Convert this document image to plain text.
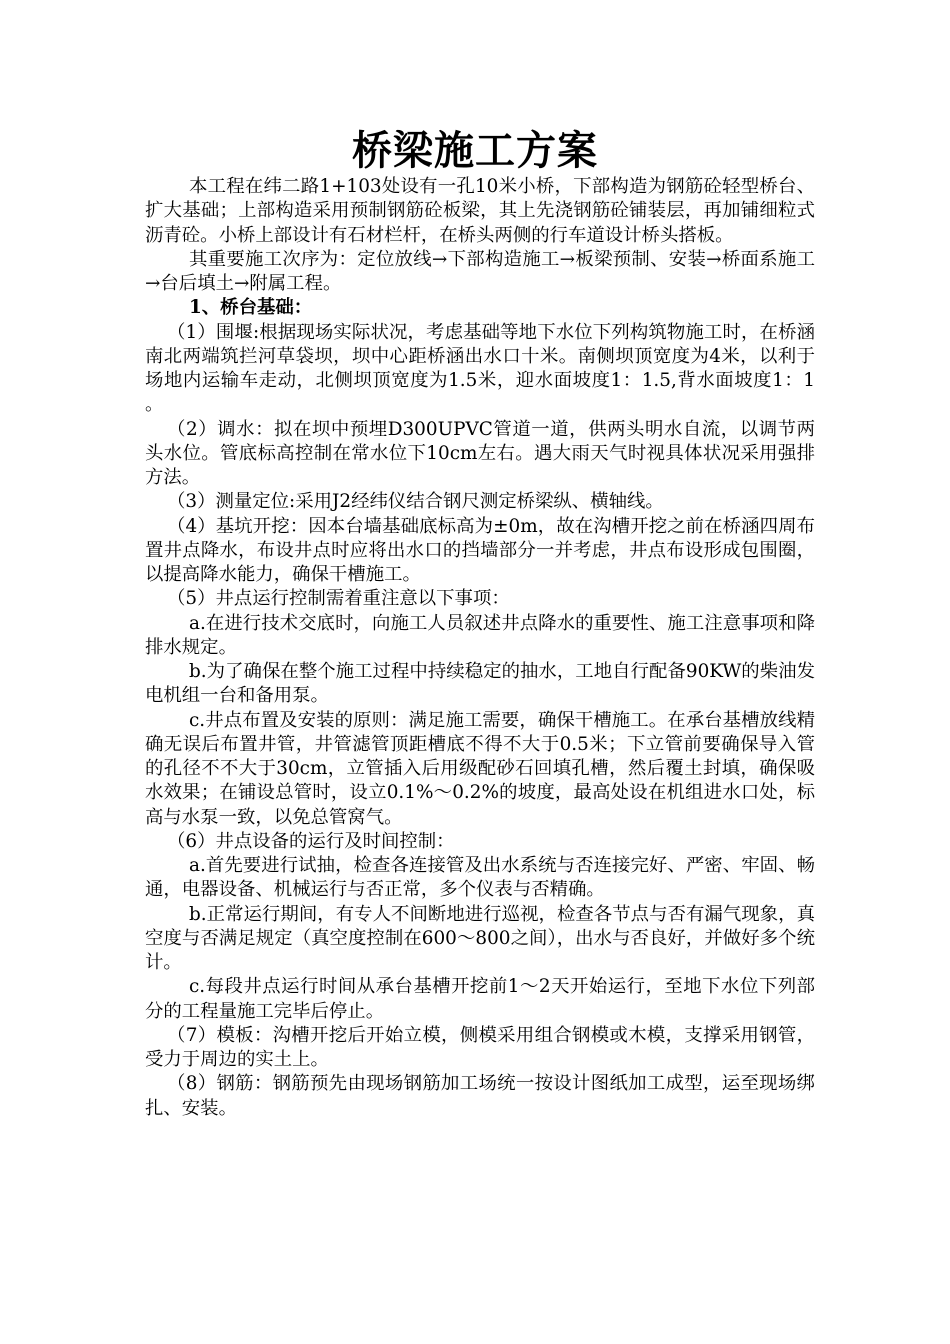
桥梁施工方案

本工程在纬二路1+103处设有一孔10米小桥，下部构造为钢筋砼轻型桥台、扩大基础；上部构造采用预制钢筋砼板梁，其上先浇钢筋砼铺装层，再加铺细粒式沥青砼。小桥上部设计有石材栏杆，在桥头两侧的行车道设计桥头搭板。

其重要施工次序为：定位放线→下部构造施工→板梁预制、安装→桥面系施工→台后填土→附属工程。

1、桥台基础：

（1）围堰:根据现场实际状况，考虑基础等地下水位下列构筑物施工时，在桥涵南北两端筑拦河草袋坝，坝中心距桥涵出水口十米。南侧坝顶宽度为4米，以利于场地内运输车走动，北侧坝顶宽度为1.5米，迎水面坡度1：1.5,背水面坡度1：1 。

（2）调水：拟在坝中预埋D300UPVC管道一道，供两头明水自流，以调节两头水位。管底标高控制在常水位下10cm左右。遇大雨天气时视具体状况采用强排方法。

（3）测量定位:采用J2经纬仪结合钢尺测定桥梁纵、横轴线。

（4）基坑开挖：因本台墙基础底标高为±0m，故在沟槽开挖之前在桥涵四周布置井点降水，布设井点时应将出水口的挡墙部分一并考虑，井点布设形成包围圈，以提高降水能力，确保干槽施工。

（5）井点运行控制需着重注意以下事项：

a.在进行技术交底时，向施工人员叙述井点降水的重要性、施工注意事项和降排水规定。

b.为了确保在整个施工过程中持续稳定的抽水，工地自行配备90KW的柴油发电机组一台和备用泵。

c.井点布置及安装的原则：满足施工需要，确保干槽施工。在承台基槽放线精确无误后布置井管，井管滤管顶距槽底不得不大于0.5米；下立管前要确保导入管的孔径不不大于30cm，立管插入后用级配砂石回填孔槽，然后覆土封填，确保吸水效果；在铺设总管时，设立0.1%～0.2%的坡度，最高处设在机组进水口处，标高与水泵一致，以免总管窝气。

（6）井点设备的运行及时间控制：

a.首先要进行试抽，检查各连接管及出水系统与否连接完好、严密、牢固、畅通，电器设备、机械运行与否正常，多个仪表与否精确。

b.正常运行期间，有专人不间断地进行巡视，检查各节点与否有漏气现象，真空度与否满足规定（真空度控制在600～800之间），出水与否良好，并做好多个统计。

c.每段井点运行时间从承台基槽开挖前1～2天开始运行，至地下水位下列部分的工程量施工完毕后停止。

（7）模板：沟槽开挖后开始立模，侧模采用组合钢模或木模，支撑采用钢管，受力于周边的实土上。

（8）钢筋：钢筋预先由现场钢筋加工场统一按设计图纸加工成型，运至现场绑扎、安装。
